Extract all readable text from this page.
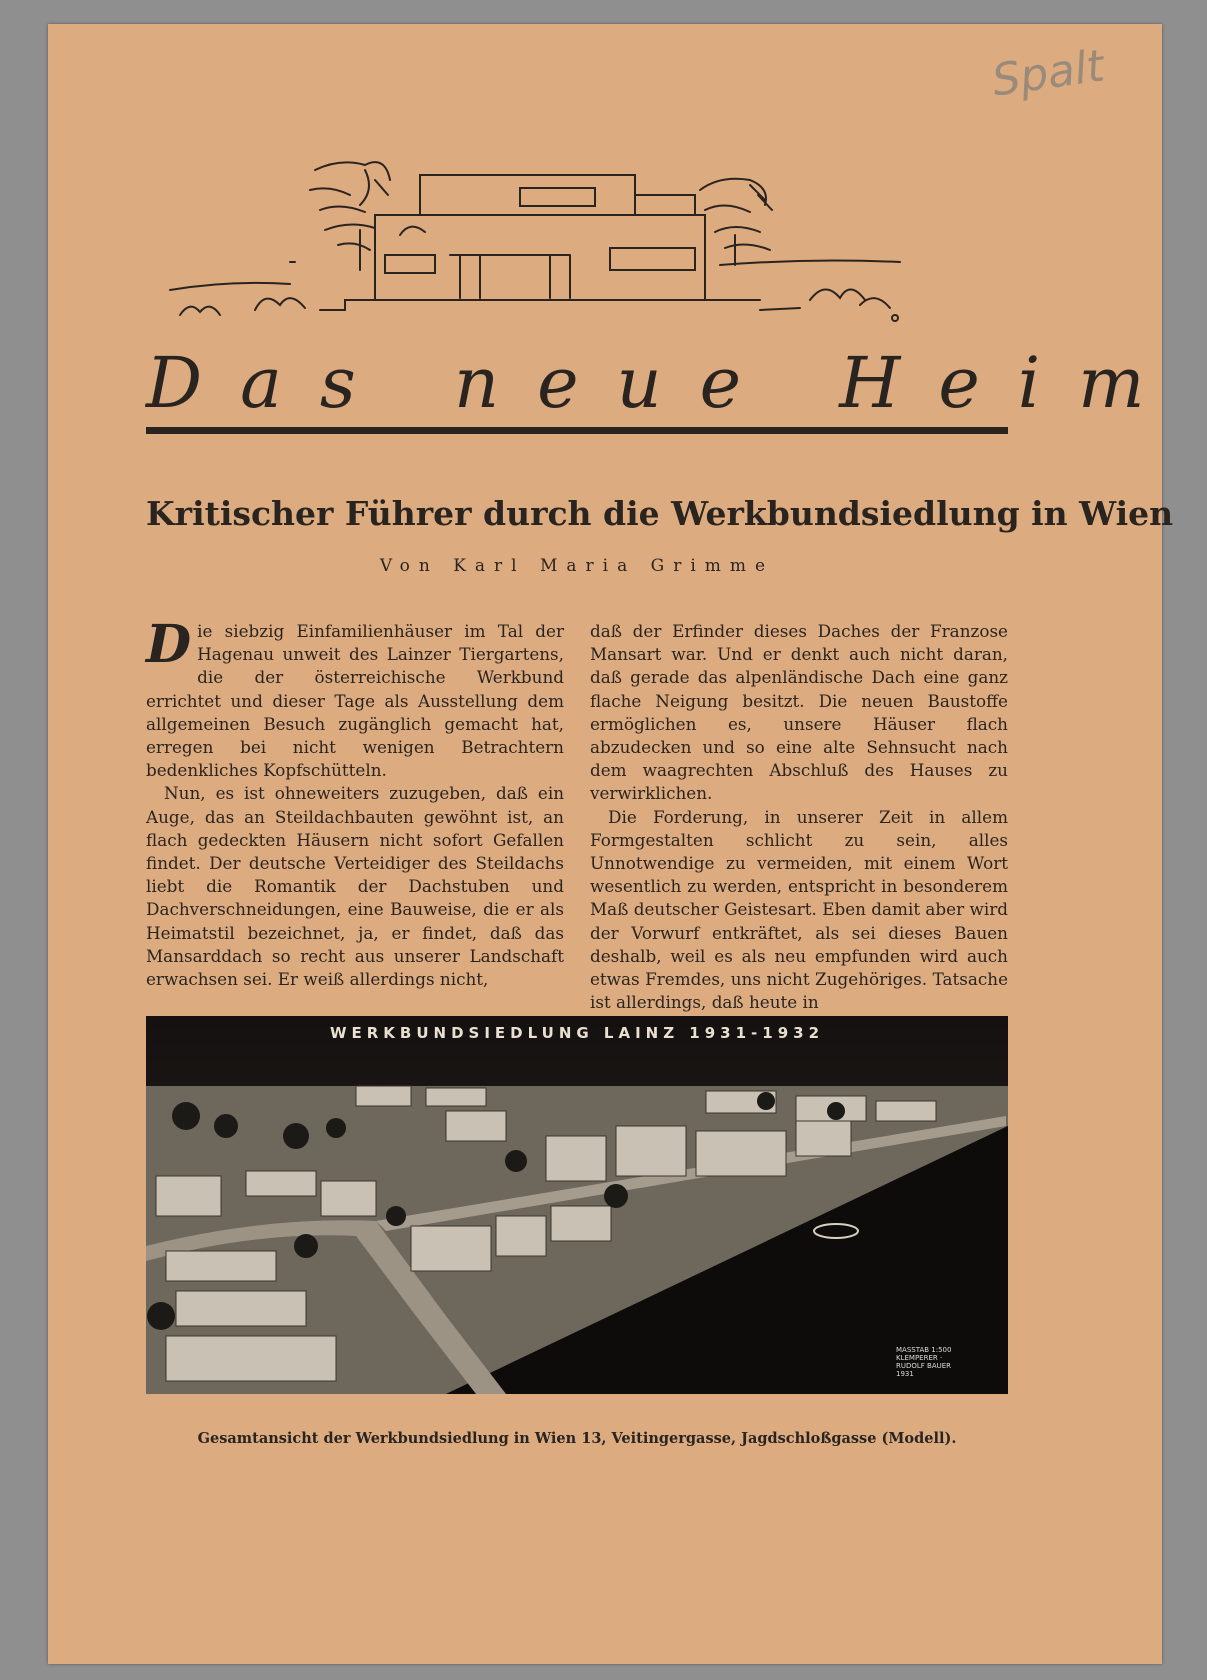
Spalt
Das neue Heim
Kritischer Führer durch die Werkbundsiedlung in Wien
Von Karl Maria Grimme

Die siebzig Einfamilienhäuser im Tal der Hagenau unweit des Lainzer Tiergartens, die der österreichische Werkbund errichtet und dieser Tage als Ausstellung dem allgemeinen Besuch zugänglich gemacht hat, erregen bei nicht wenigen Betrachtern bedenkliches Kopfschütteln.

Nun, es ist ohneweiters zuzugeben, daß ein Auge, das an Steildachbauten gewöhnt ist, an flach gedeckten Häusern nicht sofort Gefallen findet. Der deutsche Verteidiger des Steildachs liebt die Romantik der Dachstuben und Dachverschneidungen, eine Bauweise, die er als Heimatstil bezeichnet, ja, er findet, daß das Mansarddach so recht aus unserer Landschaft erwachsen sei. Er weiß allerdings nicht,

daß der Erfinder dieses Daches der Franzose Mansart war. Und er denkt auch nicht daran, daß gerade das alpenländische Dach eine ganz flache Neigung besitzt. Die neuen Baustoffe ermöglichen es, unsere Häuser flach abzudecken und so eine alte Sehnsucht nach dem waagrechten Abschluß des Hauses zu verwirklichen.

Die Forderung, in unserer Zeit in allem Formgestalten schlicht zu sein, alles Unnotwendige zu vermeiden, mit einem Wort wesentlich zu werden, entspricht in besonderem Maß deutscher Geistesart. Eben damit aber wird der Vorwurf entkräftet, als sei dieses Bauen deshalb, weil es als neu empfunden wird auch etwas Fremdes, uns nicht Zugehöriges. Tatsache ist allerdings, daß heute in

WERKBUNDSIEDLUNG LAINZ 1931-1932
MASSTAB 1:500 KLEMPERER · RUDOLF BAUER 1931
Gesamtansicht der Werkbundsiedlung in Wien 13, Veitingergasse, Jagdschloßgasse (Modell).
